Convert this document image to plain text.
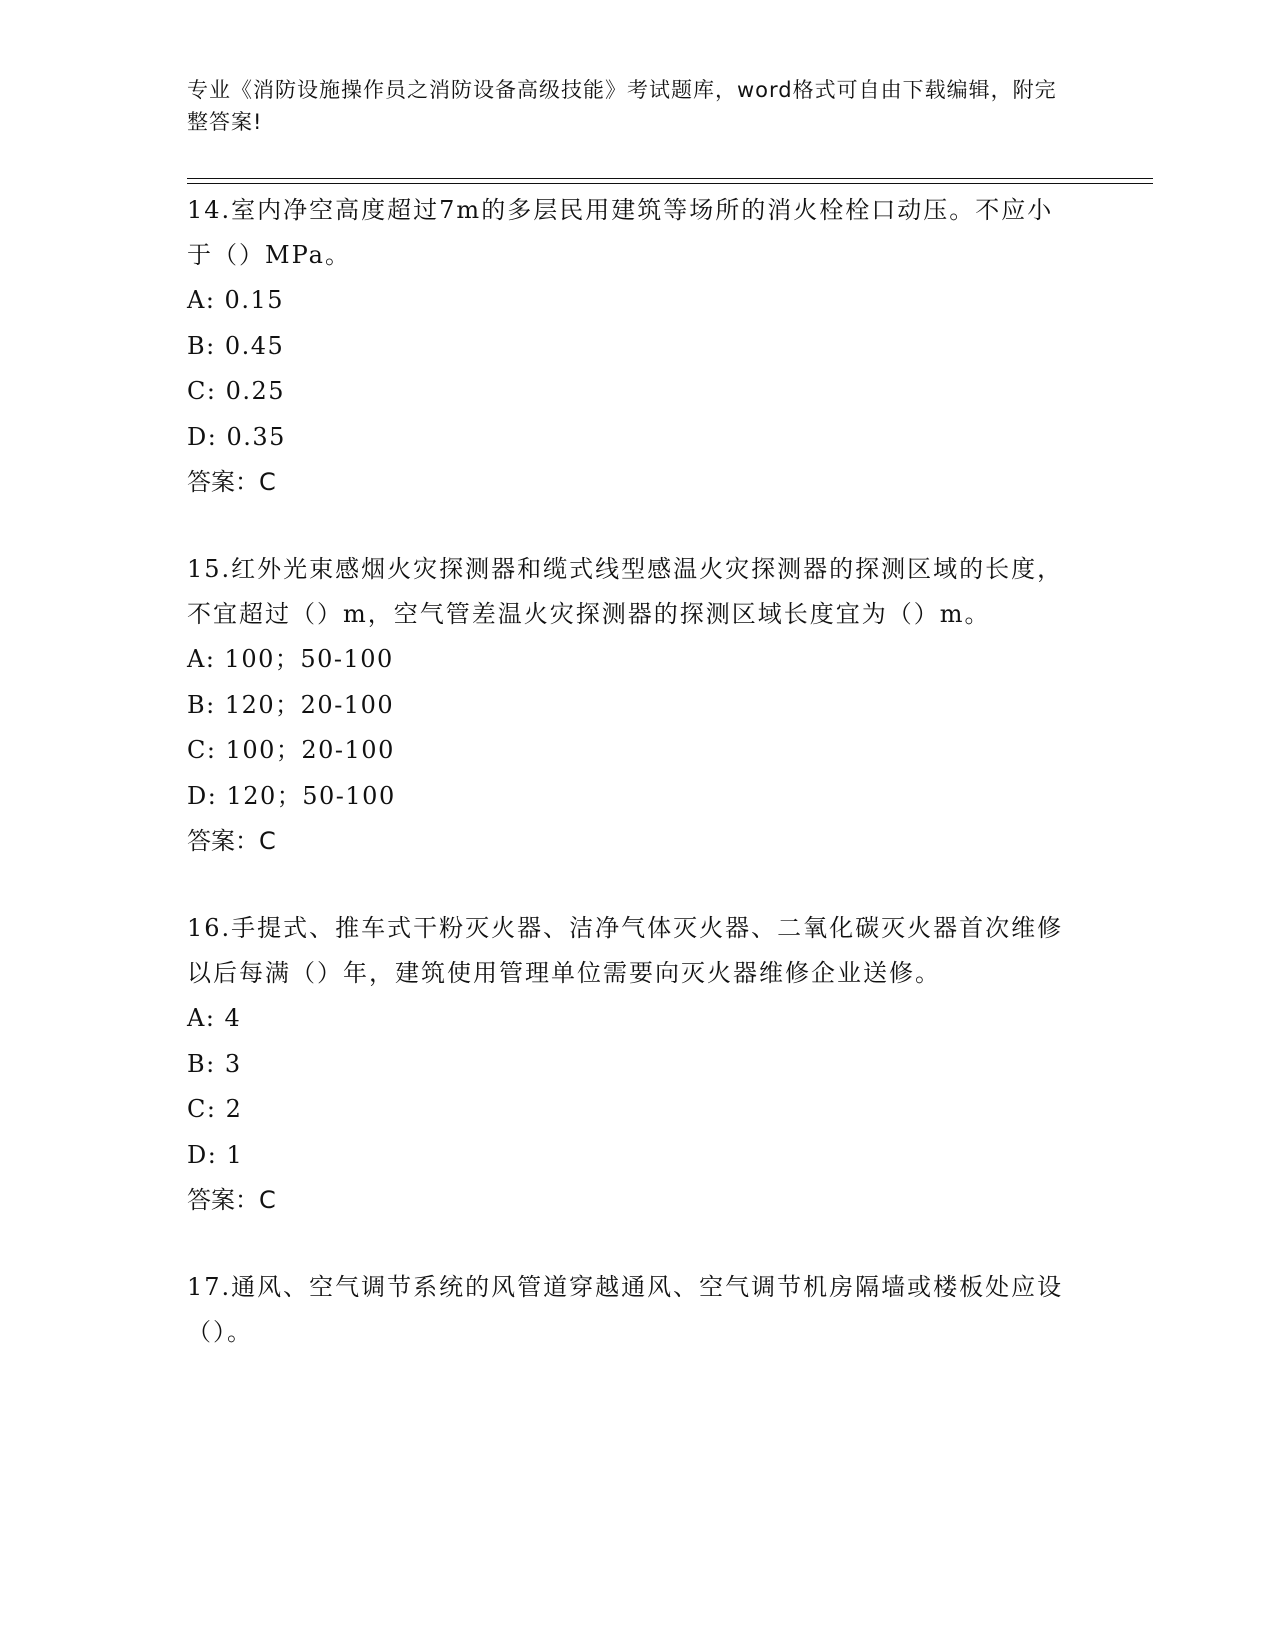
专业《消防设施操作员之消防设备高级技能》考试题库，word格式可自由下载编辑，附完整答案!

14.室内净空高度超过7m的多层民用建筑等场所的消火栓栓口动压。不应小于（）MPa。

A: 0.15

B: 0.45

C: 0.25

D: 0.35

答案：C

15.红外光束感烟火灾探测器和缆式线型感温火灾探测器的探测区域的长度，不宜超过（）m，空气管差温火灾探测器的探测区域长度宜为（）m。

A: 100；50-100

B: 120；20-100

C: 100；20-100

D: 120；50-100

答案：C

16.手提式、推车式干粉灭火器、洁净气体灭火器、二氧化碳灭火器首次维修以后每满（）年，建筑使用管理单位需要向灭火器维修企业送修。

A: 4

B: 3

C: 2

D: 1

答案：C

17.通风、空气调节系统的风管道穿越通风、空气调节机房隔墙或楼板处应设（）。
